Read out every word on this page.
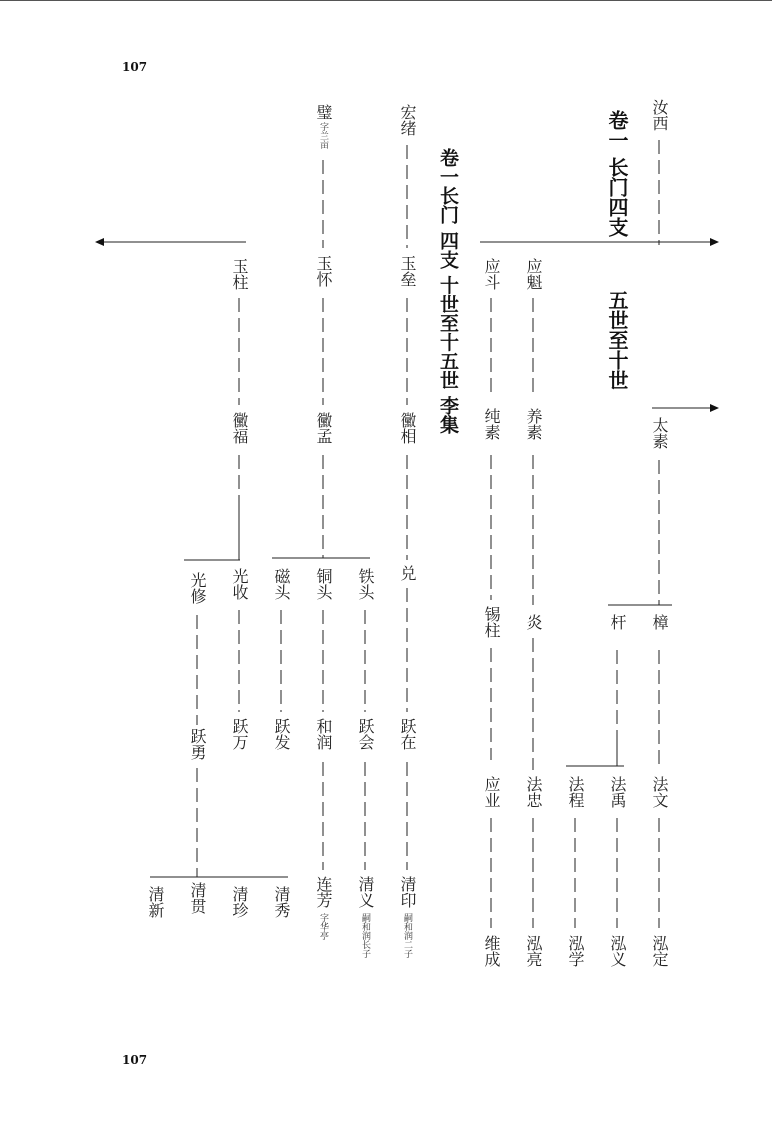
107
107
卷一 长门四支
五世至十世
卷一长门 四支 十世至十五世 李集
汝西
太素
樟
法文
泓定
杆
法禹
泓义
法程
泓学
应魁
养素
炎
法忠
泓亮
应斗
纯素
锡柱
应业
维成
宏绪
玉垒
黴相
兑
跃在
清印
嗣和润二子
铁头
跃会
清义
嗣和润长子
璧
字兰亩
玉怀
黴孟
铜头
和润
连芳
字华亭
磁头
跃发
清秀
玉柱
黴福
光收
跃万
清珍
光修
跃勇
清贯
清新
